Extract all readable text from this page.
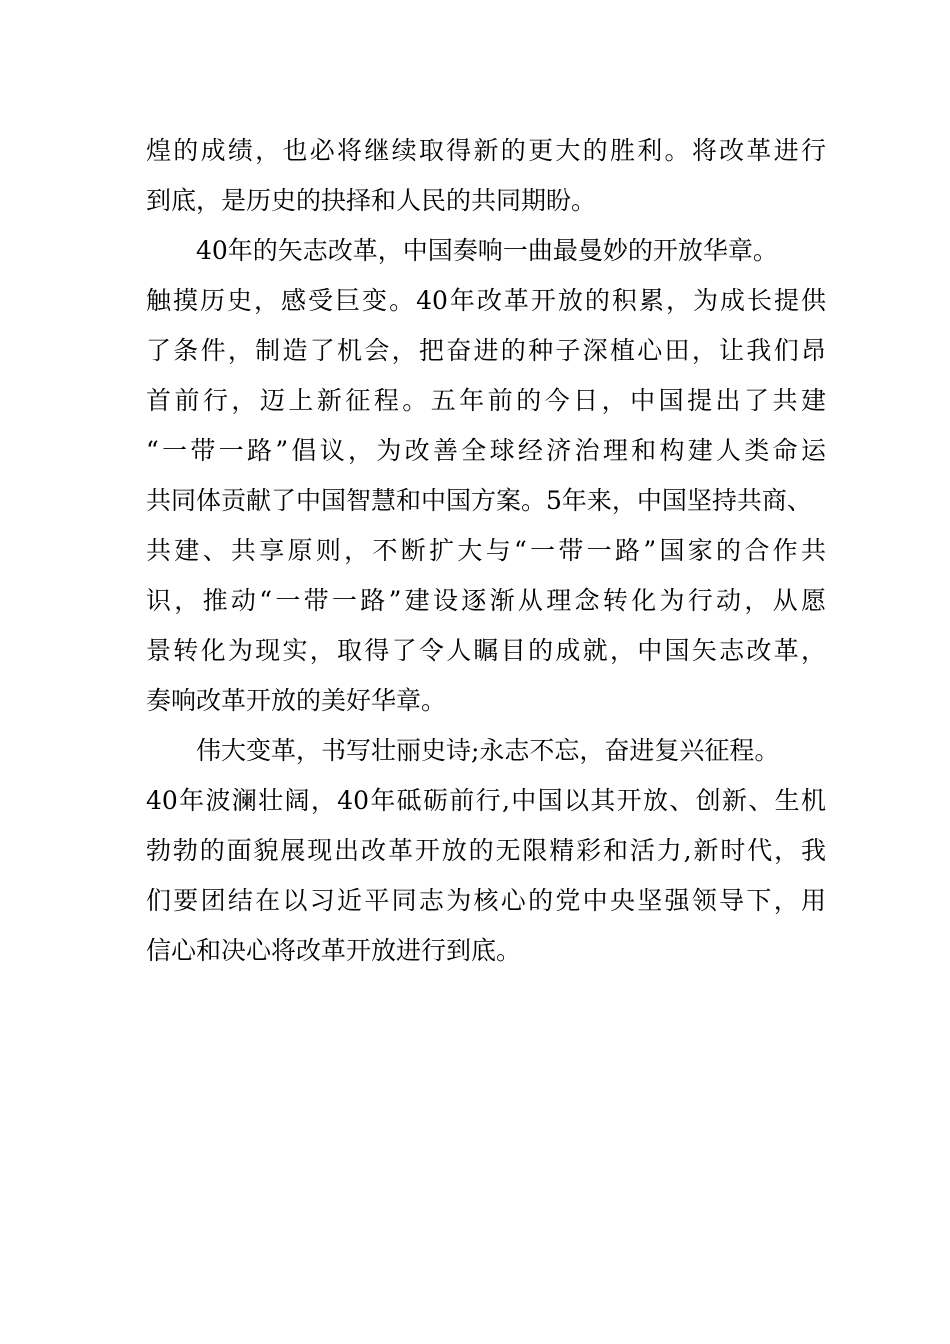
煌的成绩，也必将继续取得新的更大的胜利。将改革进行
到底，是历史的抉择和人民的共同期盼。
40年的矢志改革，中国奏响一曲最曼妙的开放华章。
触摸历史，感受巨变。40年改革开放的积累，为成长提供
了条件，制造了机会，把奋进的种子深植心田，让我们昂
首前行，迈上新征程。五年前的今日，中国提出了共建
“一带一路”倡议，为改善全球经济治理和构建人类命运
共同体贡献了中国智慧和中国方案。5年来，中国坚持共商、
共建、共享原则，不断扩大与“一带一路”国家的合作共
识，推动“一带一路”建设逐渐从理念转化为行动，从愿
景转化为现实，取得了令人瞩目的成就，中国矢志改革，
奏响改革开放的美好华章。
伟大变革，书写壮丽史诗;永志不忘，奋进复兴征程。
40年波澜壮阔，40年砥砺前行,中国以其开放、创新、生机
勃勃的面貌展现出改革开放的无限精彩和活力,新时代，我
们要团结在以习近平同志为核心的党中央坚强领导下，用
信心和决心将改革开放进行到底。
